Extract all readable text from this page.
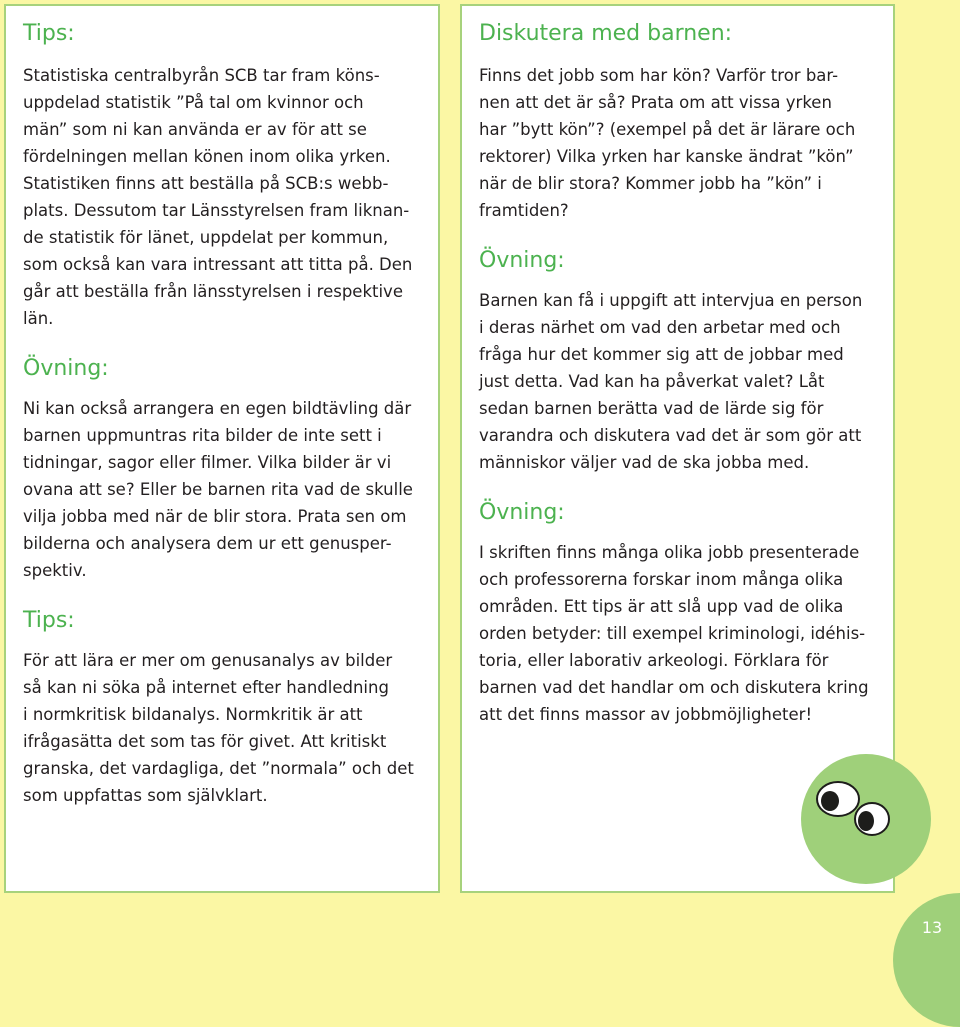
Tips:

Statistiska centralbyrån SCB tar fram köns-
uppdelad statistik ”På tal om kvinnor och
män” som ni kan använda er av för att se
fördelningen mellan könen inom olika yrken.
Statistiken finns att beställa på SCB:s webb-
plats. Dessutom tar Länsstyrelsen fram liknan-
de statistik för länet, uppdelat per kommun,
som också kan vara intressant att titta på. Den
går att beställa från länsstyrelsen i respektive
län.

Övning:

Ni kan också arrangera en egen bildtävling där
barnen uppmuntras rita bilder de inte sett i
tidningar, sagor eller filmer. Vilka bilder är vi
ovana att se? Eller be barnen rita vad de skulle
vilja jobba med när de blir stora. Prata sen om
bilderna och analysera dem ur ett genusper-
spektiv.

Tips:

För att lära er mer om genusanalys av bilder
så kan ni söka på internet efter handledning
i normkritisk bildanalys. Normkritik är att
ifrågasätta det som tas för givet. Att kritiskt
granska, det vardagliga, det ”normala” och det
som uppfattas som självklart.

Diskutera med barnen:

Finns det jobb som har kön? Varför tror bar-
nen att det är så? Prata om att vissa yrken
har ”bytt kön”? (exempel på det är lärare och
rektorer) Vilka yrken har kanske ändrat ”kön”
när de blir stora? Kommer jobb ha ”kön” i
framtiden?

Övning:

Barnen kan få i uppgift att intervjua en person
i deras närhet om vad den arbetar med och
fråga hur det kommer sig att de jobbar med
just detta. Vad kan ha påverkat valet? Låt
sedan barnen berätta vad de lärde sig för
varandra och diskutera vad det är som gör att
människor väljer vad de ska jobba med.

Övning:

I skriften finns många olika jobb presenterade
och professorerna forskar inom många olika
områden. Ett tips är att slå upp vad de olika
orden betyder: till exempel kriminologi, idéhis-
toria, eller laborativ arkeologi. Förklara för
barnen vad det handlar om och diskutera kring
att det finns massor av jobbmöjligheter!

13
